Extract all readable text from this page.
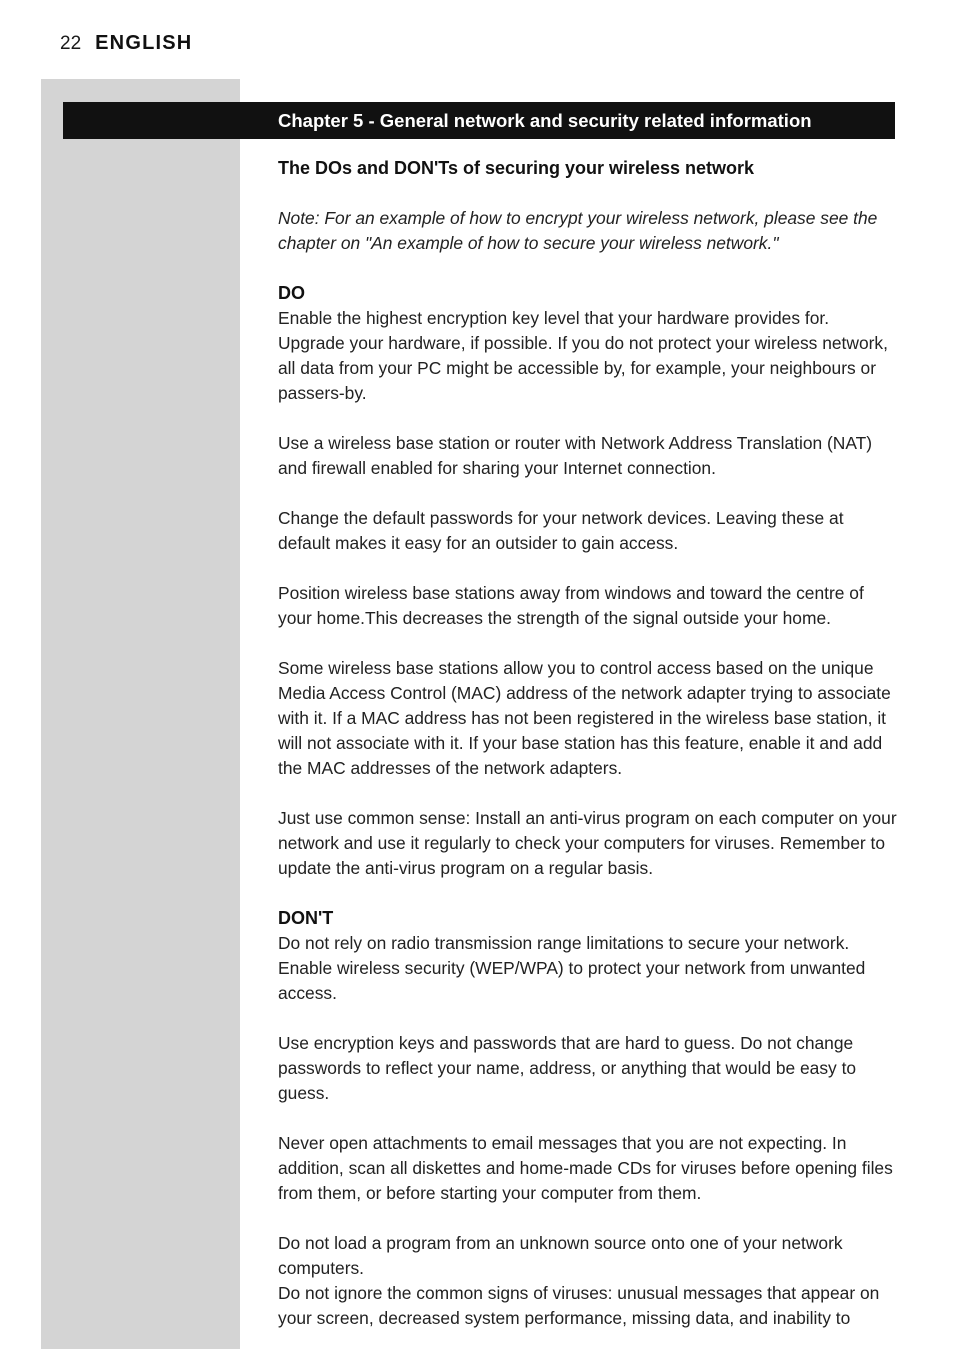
22 ENGLISH
Chapter 5 - General network and security related information
The DOs and DON'Ts of securing your wireless network
Note: For an example of how to encrypt your wireless network, please see the chapter on "An example of how to secure your wireless network."
DO

Enable the highest encryption key level that your hardware provides for. Upgrade your hardware, if possible. If you do not protect your wireless network, all data from your PC might be accessible by, for example, your neighbours or passers-by.

Use a wireless base station or router with Network Address Translation (NAT) and firewall enabled for sharing your Internet connection.

Change the default passwords for your network devices. Leaving these at default makes it easy for an outsider to gain access.

Position wireless base stations away from windows and toward the centre of your home.This decreases the strength of the signal outside your home.

Some wireless base stations allow you to control access based on the unique Media Access Control (MAC) address of the network adapter trying to associate with it. If a MAC address has not been registered in the wireless base station, it will not associate with it. If your base station has this feature, enable it and add the MAC addresses of the network adapters.

Just use common sense: Install an anti-virus program on each computer on your network and use it regularly to check your computers for viruses. Remember to update the anti-virus program on a regular basis.

DON'T

Do not rely on radio transmission range limitations to secure your network. Enable wireless security (WEP/WPA) to protect your network from unwanted access.

Use encryption keys and passwords that are hard to guess. Do not change passwords to reflect your name, address, or anything that would be easy to guess.

Never open attachments to email messages that you are not expecting. In addition, scan all diskettes and home-made CDs for viruses before opening files from them, or before starting your computer from them.

Do not load a program from an unknown source onto one of your network computers.

Do not ignore the common signs of viruses: unusual messages that appear on your screen, decreased system performance, missing data, and inability to
